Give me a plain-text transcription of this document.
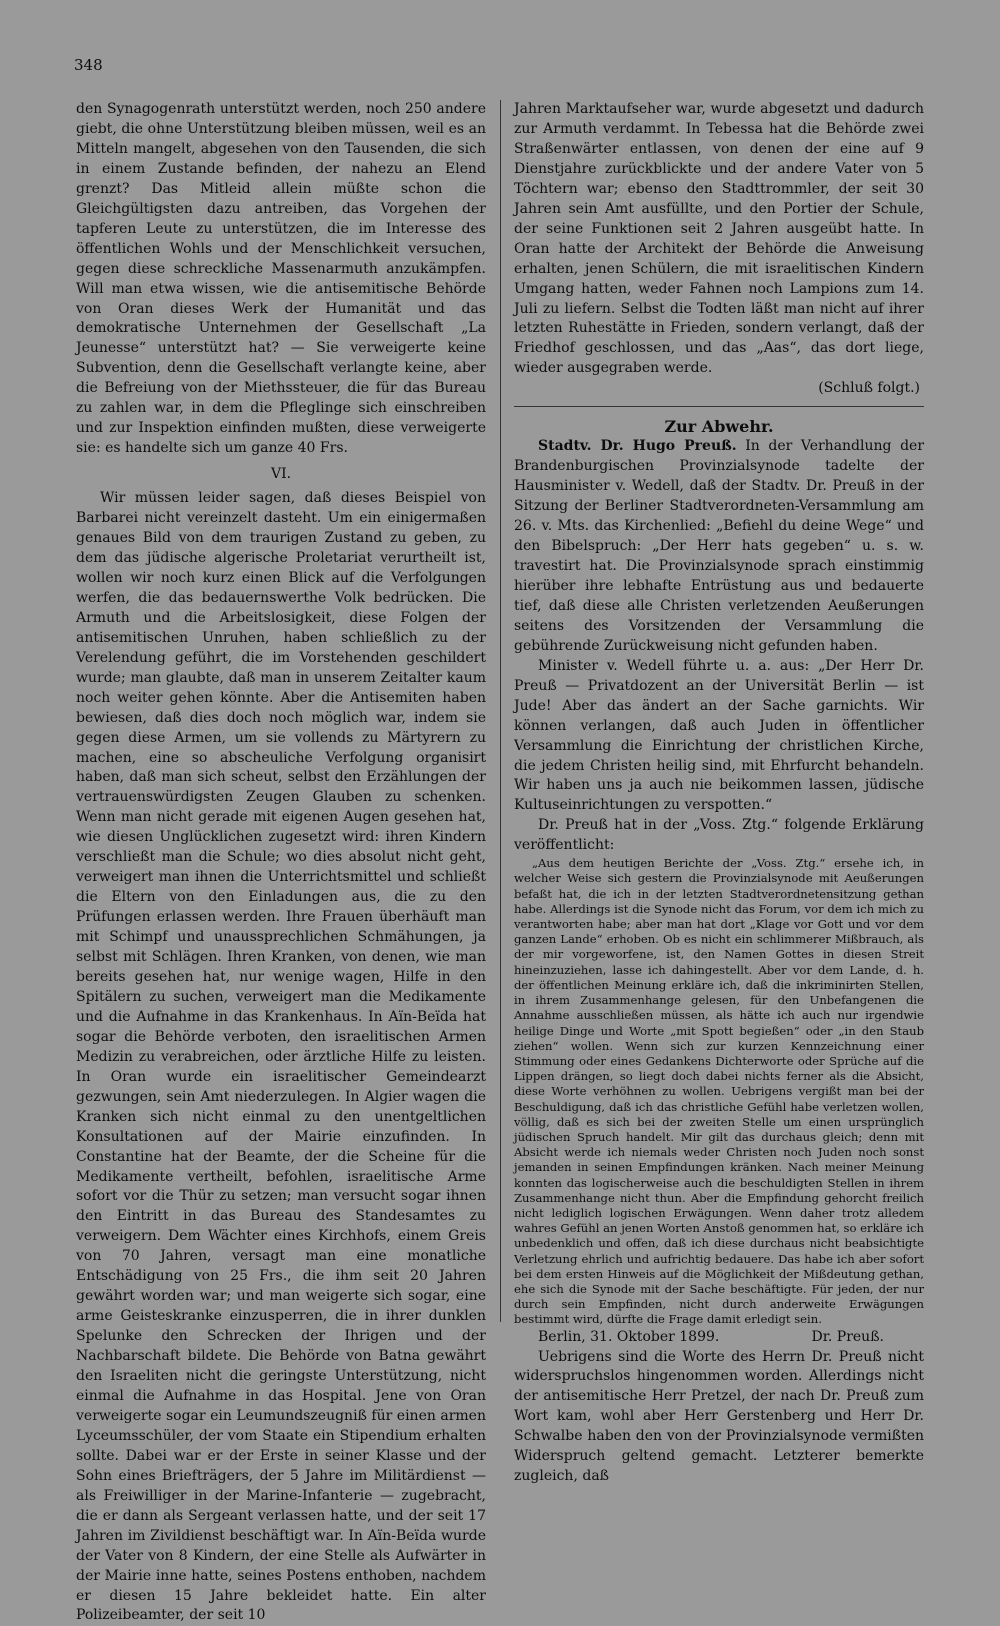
348

den Synagogenrath unterstützt werden, noch 250 andere giebt, die ohne Unterstützung bleiben müssen, weil es an Mitteln mangelt, abgesehen von den Tausenden, die sich in einem Zustande befinden, der nahezu an Elend grenzt? Das Mitleid allein müßte schon die Gleichgültigsten dazu antreiben, das Vorgehen der tapferen Leute zu unterstützen, die im Interesse des öffentlichen Wohls und der Menschlichkeit versuchen, gegen diese schreckliche Massenarmuth anzukämpfen. Will man etwa wissen, wie die antisemitische Behörde von Oran dieses Werk der Humanität und das demokratische Unternehmen der Gesellschaft „La Jeunesse“ unterstützt hat? — Sie verweigerte keine Subvention, denn die Gesellschaft verlangte keine, aber die Befreiung von der Miethssteuer, die für das Bureau zu zahlen war, in dem die Pfleglinge sich einschreiben und zur Inspektion einfinden mußten, diese verweigerte sie: es handelte sich um ganze 40 Frs.

VI.

Wir müssen leider sagen, daß dieses Beispiel von Barbarei nicht vereinzelt dasteht. Um ein einigermaßen genaues Bild von dem traurigen Zustand zu geben, zu dem das jüdische algerische Proletariat verurtheilt ist, wollen wir noch kurz einen Blick auf die Verfolgungen werfen, die das bedauernswerthe Volk bedrücken. Die Armuth und die Arbeitslosigkeit, diese Folgen der antisemitischen Unruhen, haben schließlich zu der Verelendung geführt, die im Vorstehenden geschildert wurde; man glaubte, daß man in unserem Zeitalter kaum noch weiter gehen könnte. Aber die Antisemiten haben bewiesen, daß dies doch noch möglich war, indem sie gegen diese Armen, um sie vollends zu Märtyrern zu machen, eine so abscheuliche Verfolgung organisirt haben, daß man sich scheut, selbst den Erzählungen der vertrauenswürdigsten Zeugen Glauben zu schenken. Wenn man nicht gerade mit eigenen Augen gesehen hat, wie diesen Unglücklichen zugesetzt wird: ihren Kindern verschließt man die Schule; wo dies absolut nicht geht, verweigert man ihnen die Unterrichtsmittel und schließt die Eltern von den Einladungen aus, die zu den Prüfungen erlassen werden. Ihre Frauen überhäuft man mit Schimpf und unaussprechlichen Schmähungen, ja selbst mit Schlägen. Ihren Kranken, von denen, wie man bereits gesehen hat, nur wenige wagen, Hilfe in den Spitälern zu suchen, verweigert man die Medikamente und die Aufnahme in das Krankenhaus. In Aïn-Beïda hat sogar die Behörde verboten, den israelitischen Armen Medizin zu verabreichen, oder ärztliche Hilfe zu leisten. In Oran wurde ein israelitischer Gemeindearzt gezwungen, sein Amt niederzulegen. In Algier wagen die Kranken sich nicht einmal zu den unentgeltlichen Konsultationen auf der Mairie einzufinden. In Constantine hat der Beamte, der die Scheine für die Medikamente vertheilt, befohlen, israelitische Arme sofort vor die Thür zu setzen; man versucht sogar ihnen den Eintritt in das Bureau des Standesamtes zu verweigern. Dem Wächter eines Kirchhofs, einem Greis von 70 Jahren, versagt man eine monatliche Entschädigung von 25 Frs., die ihm seit 20 Jahren gewährt worden war; und man weigerte sich sogar, eine arme Geisteskranke einzusperren, die in ihrer dunklen Spelunke den Schrecken der Ihrigen und der Nachbarschaft bildete. Die Behörde von Batna gewährt den Israeliten nicht die geringste Unterstützung, nicht einmal die Aufnahme in das Hospital. Jene von Oran verweigerte sogar ein Leumundszeugniß für einen armen Lyceumsschüler, der vom Staate ein Stipendium erhalten sollte. Dabei war er der Erste in seiner Klasse und der Sohn eines Briefträgers, der 5 Jahre im Militärdienst — als Freiwilliger in der Marine-Infanterie — zugebracht, die er dann als Sergeant verlassen hatte, und der seit 17 Jahren im Zivildienst beschäftigt war. In Aïn-Beïda wurde der Vater von 8 Kindern, der eine Stelle als Aufwärter in der Mairie inne hatte, seines Postens enthoben, nachdem er diesen 15 Jahre bekleidet hatte. Ein alter Polizeibeamter, der seit 10

Jahren Marktaufseher war, wurde abgesetzt und dadurch zur Armuth verdammt. In Tebessa hat die Behörde zwei Straßenwärter entlassen, von denen der eine auf 9 Dienstjahre zurückblickte und der andere Vater von 5 Töchtern war; ebenso den Stadttrommler, der seit 30 Jahren sein Amt ausfüllte, und den Portier der Schule, der seine Funktionen seit 2 Jahren ausgeübt hatte. In Oran hatte der Architekt der Behörde die Anweisung erhalten, jenen Schülern, die mit israelitischen Kindern Umgang hatten, weder Fahnen noch Lampions zum 14. Juli zu liefern. Selbst die Todten läßt man nicht auf ihrer letzten Ruhestätte in Frieden, sondern verlangt, daß der Friedhof geschlossen, und das „Aas“, das dort liege, wieder ausgegraben werde.

(Schluß folgt.)

Zur Abwehr.

Stadtv. Dr. Hugo Preuß. In der Verhandlung der Brandenburgischen Provinzialsynode tadelte der Hausminister v. Wedell, daß der Stadtv. Dr. Preuß in der Sitzung der Berliner Stadtverordneten-Versammlung am 26. v. Mts. das Kirchenlied: „Befiehl du deine Wege“ und den Bibelspruch: „Der Herr hats gegeben“ u. s. w. travestirt hat. Die Provinzialsynode sprach einstimmig hierüber ihre lebhafte Entrüstung aus und bedauerte tief, daß diese alle Christen verletzenden Aeußerungen seitens des Vorsitzenden der Versammlung die gebührende Zurückweisung nicht gefunden haben.

Minister v. Wedell führte u. a. aus: „Der Herr Dr. Preuß — Privatdozent an der Universität Berlin — ist Jude! Aber das ändert an der Sache garnichts. Wir können verlangen, daß auch Juden in öffentlicher Versammlung die Einrichtung der christlichen Kirche, die jedem Christen heilig sind, mit Ehrfurcht behandeln. Wir haben uns ja auch nie beikommen lassen, jüdische Kultuseinrichtungen zu verspotten.“

Dr. Preuß hat in der „Voss. Ztg.“ folgende Erklärung veröffentlicht:

„Aus dem heutigen Berichte der „Voss. Ztg.“ ersehe ich, in welcher Weise sich gestern die Provinzialsynode mit Aeußerungen befaßt hat, die ich in der letzten Stadtverordnetensitzung gethan habe. Allerdings ist die Synode nicht das Forum, vor dem ich mich zu verantworten habe; aber man hat dort „Klage vor Gott und vor dem ganzen Lande“ erhoben. Ob es nicht ein schlimmerer Mißbrauch, als der mir vorgeworfene, ist, den Namen Gottes in diesen Streit hineinzuziehen, lasse ich dahingestellt. Aber vor dem Lande, d. h. der öffentlichen Meinung erkläre ich, daß die inkriminirten Stellen, in ihrem Zusammenhange gelesen, für den Unbefangenen die Annahme ausschließen müssen, als hätte ich auch nur irgendwie heilige Dinge und Worte „mit Spott begießen“ oder „in den Staub ziehen“ wollen. Wenn sich zur kurzen Kennzeichnung einer Stimmung oder eines Gedankens Dichterworte oder Sprüche auf die Lippen drängen, so liegt doch dabei nichts ferner als die Absicht, diese Worte verhöhnen zu wollen. Uebrigens vergißt man bei der Beschuldigung, daß ich das christliche Gefühl habe verletzen wollen, völlig, daß es sich bei der zweiten Stelle um einen ursprünglich jüdischen Spruch handelt. Mir gilt das durchaus gleich; denn mit Absicht werde ich niemals weder Christen noch Juden noch sonst jemanden in seinen Empfindungen kränken. Nach meiner Meinung konnten das logischerweise auch die beschuldigten Stellen in ihrem Zusammenhange nicht thun. Aber die Empfindung gehorcht freilich nicht lediglich logischen Erwägungen. Wenn daher trotz alledem wahres Gefühl an jenen Worten Anstoß genommen hat, so erkläre ich unbedenklich und offen, daß ich diese durchaus nicht beabsichtigte Verletzung ehrlich und aufrichtig bedauere. Das habe ich aber sofort bei dem ersten Hinweis auf die Möglichkeit der Mißdeutung gethan, ehe sich die Synode mit der Sache beschäftigte. Für jeden, der nur durch sein Empfinden, nicht durch anderweite Erwägungen bestimmt wird, dürfte die Frage damit erledigt sein.

Berlin, 31. Oktober 1899.	Dr. Preuß.

Uebrigens sind die Worte des Herrn Dr. Preuß nicht widerspruchslos hingenommen worden. Allerdings nicht der antisemitische Herr Pretzel, der nach Dr. Preuß zum Wort kam, wohl aber Herr Gerstenberg und Herr Dr. Schwalbe haben den von der Provinzialsynode vermißten Widerspruch geltend gemacht. Letzterer bemerkte zugleich, daß
